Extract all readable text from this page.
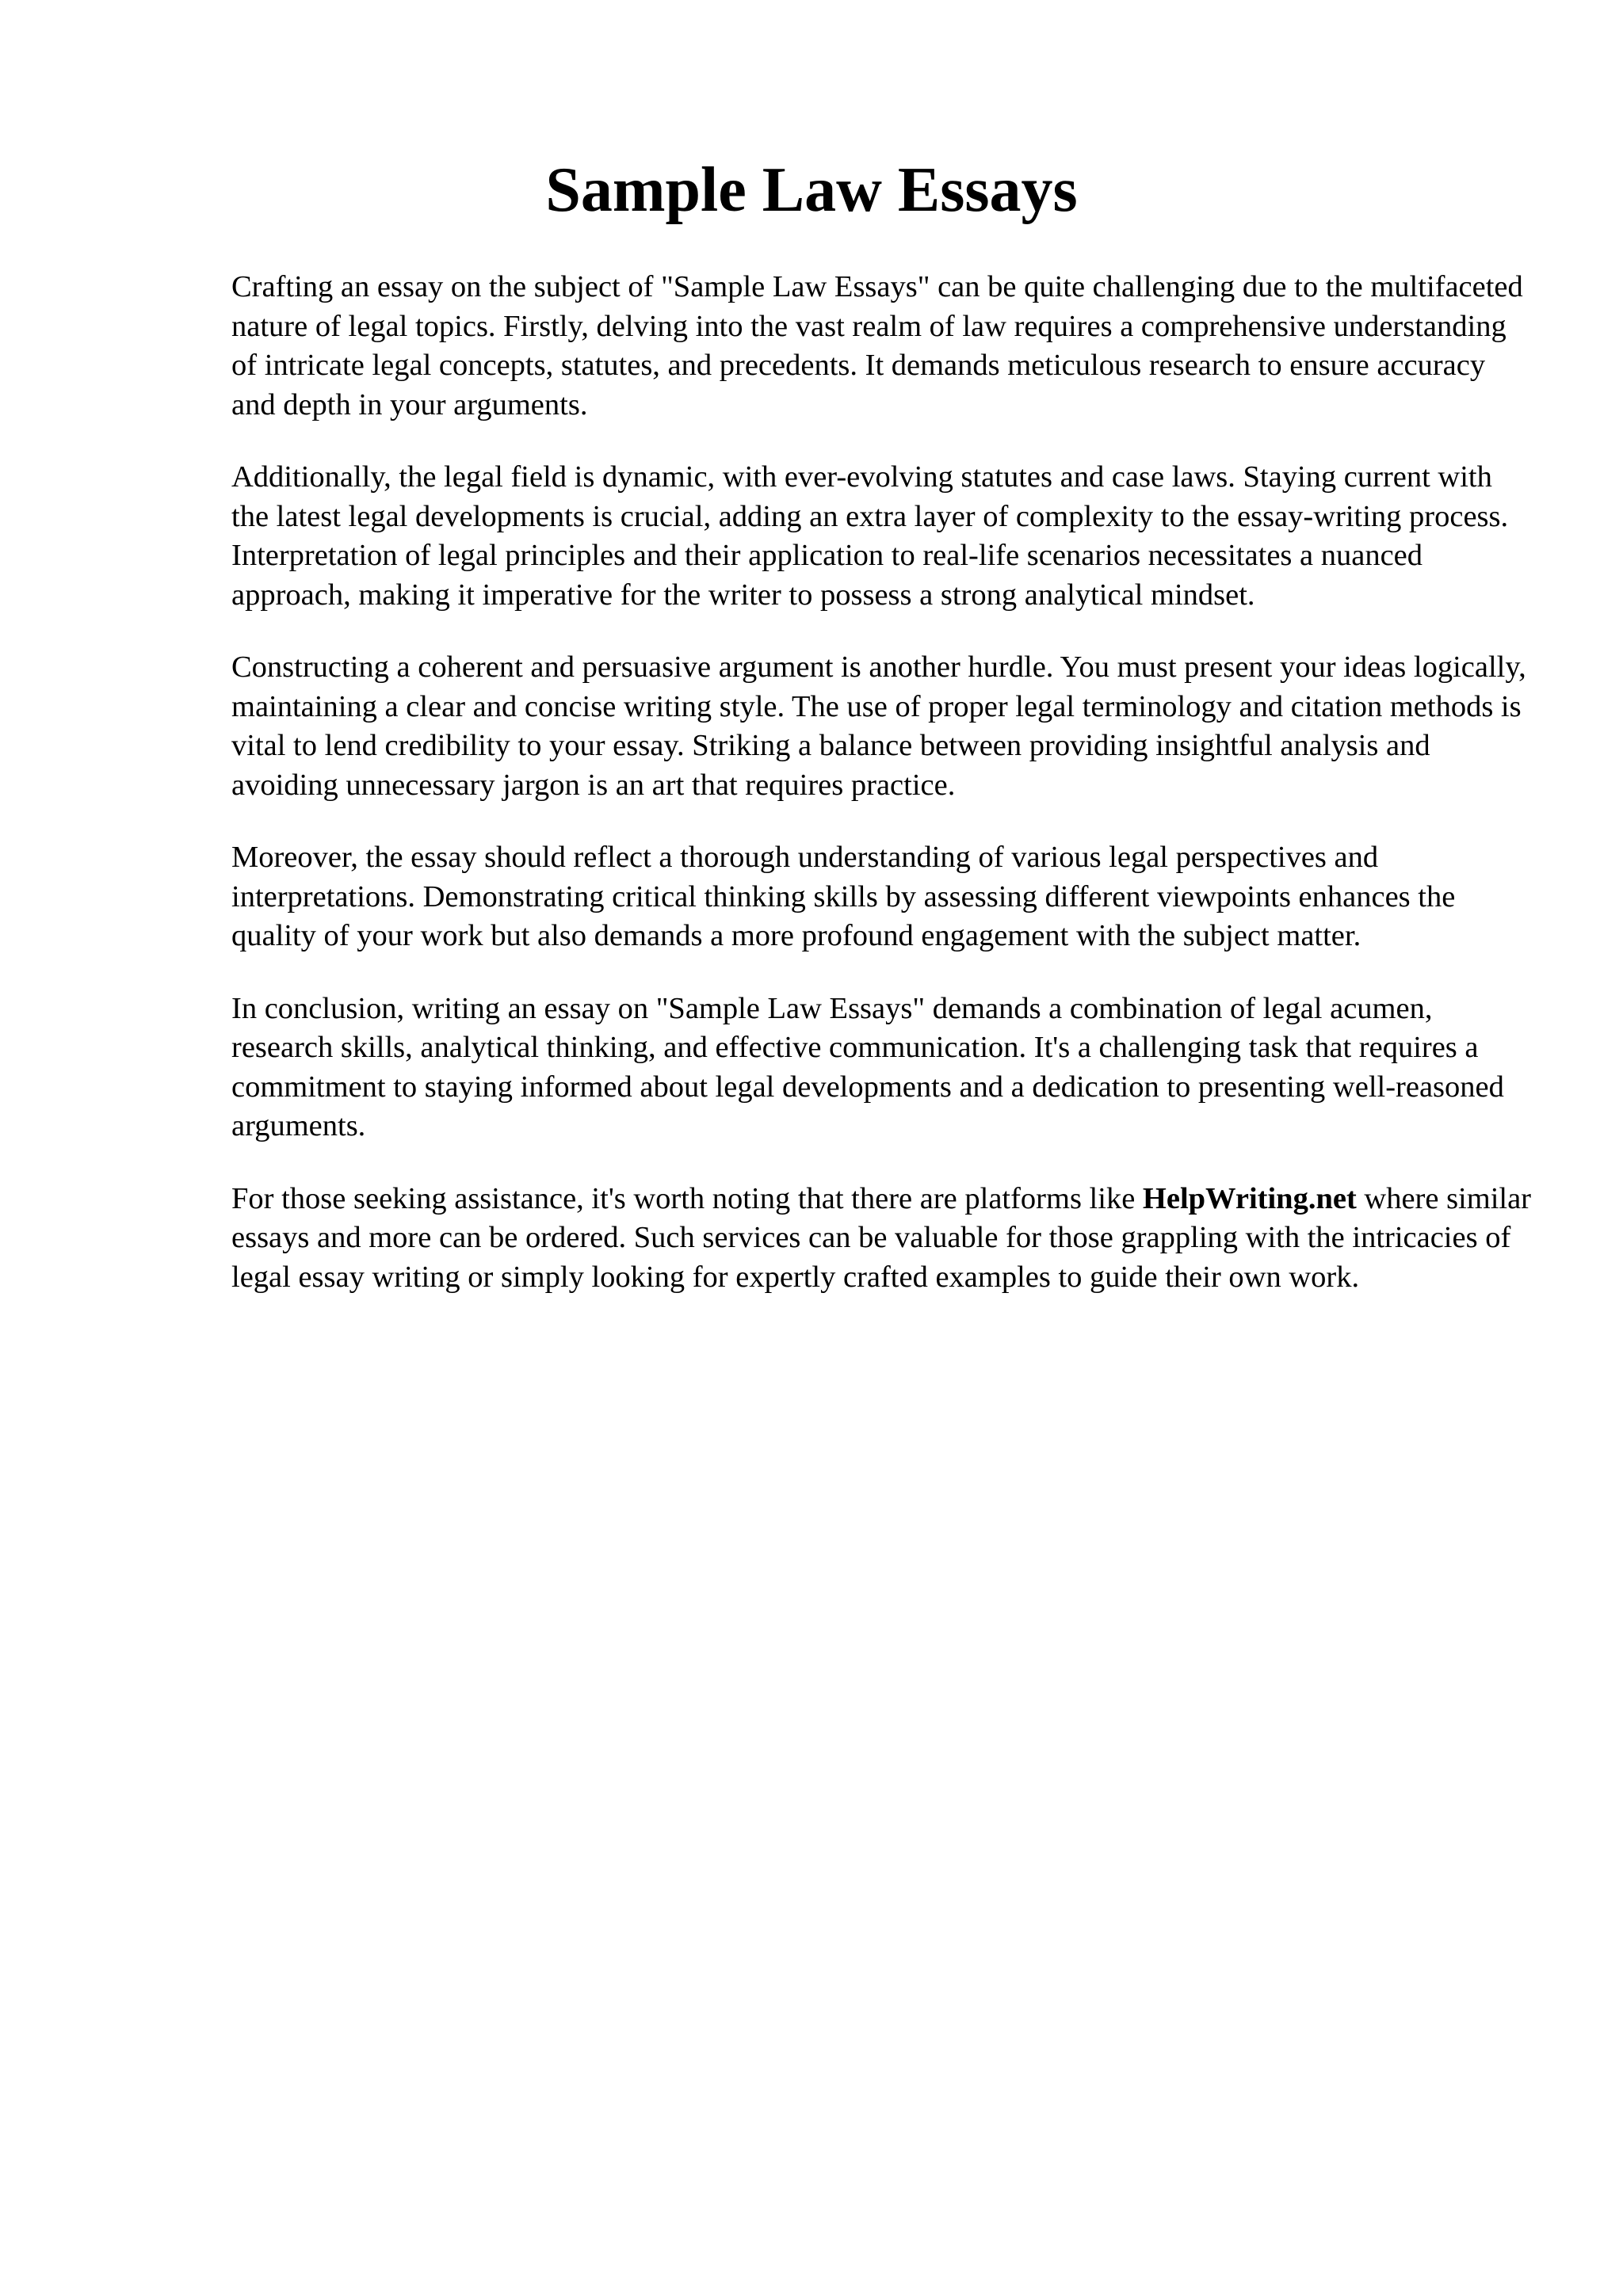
Sample Law Essays

Crafting an essay on the subject of "Sample Law Essays" can be quite challenging due to the multifaceted nature of legal topics. Firstly, delving into the vast realm of law requires a comprehensive understanding of intricate legal concepts, statutes, and precedents. It demands meticulous research to ensure accuracy and depth in your arguments.

Additionally, the legal field is dynamic, with ever-evolving statutes and case laws. Staying current with the latest legal developments is crucial, adding an extra layer of complexity to the essay-writing process. Interpretation of legal principles and their application to real-life scenarios necessitates a nuanced approach, making it imperative for the writer to possess a strong analytical mindset.

Constructing a coherent and persuasive argument is another hurdle. You must present your ideas logically, maintaining a clear and concise writing style. The use of proper legal terminology and citation methods is vital to lend credibility to your essay. Striking a balance between providing insightful analysis and avoiding unnecessary jargon is an art that requires practice.

Moreover, the essay should reflect a thorough understanding of various legal perspectives and interpretations. Demonstrating critical thinking skills by assessing different viewpoints enhances the quality of your work but also demands a more profound engagement with the subject matter.

In conclusion, writing an essay on "Sample Law Essays" demands a combination of legal acumen, research skills, analytical thinking, and effective communication. It's a challenging task that requires a commitment to staying informed about legal developments and a dedication to presenting well-reasoned arguments.

For those seeking assistance, it's worth noting that there are platforms like HelpWriting.net where similar essays and more can be ordered. Such services can be valuable for those grappling with the intricacies of legal essay writing or simply looking for expertly crafted examples to guide their own work.
